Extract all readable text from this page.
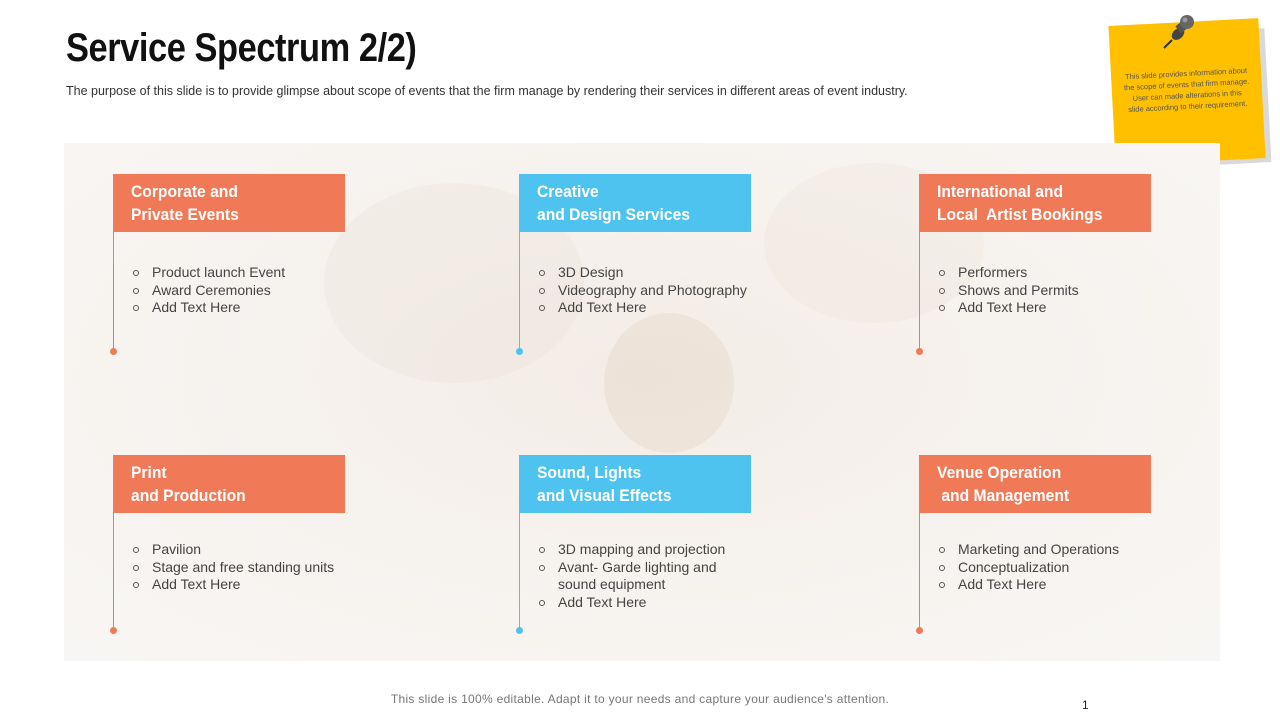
Service Spectrum 2/2)
The purpose of this slide is to provide glimpse about scope of events that the firm manage by rendering their services in different areas of event industry.
This slide provides information about the scope of events that firm manage. User can made alterations in this slide according to their requirement.
Corporate and
Private Events
Product launch Event
Award Ceremonies
Add Text Here
Creative
and Design Services
3D Design
Videography and Photography
Add Text Here
International and
Local  Artist Bookings
Performers
Shows and Permits
Add Text Here
Print
and Production
Pavilion
Stage and free standing units
Add Text Here
Sound, Lights
and Visual Effects
3D mapping and projection
Avant- Garde lighting and sound equipment
Add Text Here
Venue Operation
and Management
Marketing and Operations
Conceptualization
Add Text Here
This slide is 100% editable. Adapt it to your needs and capture your audience's attention.	1
